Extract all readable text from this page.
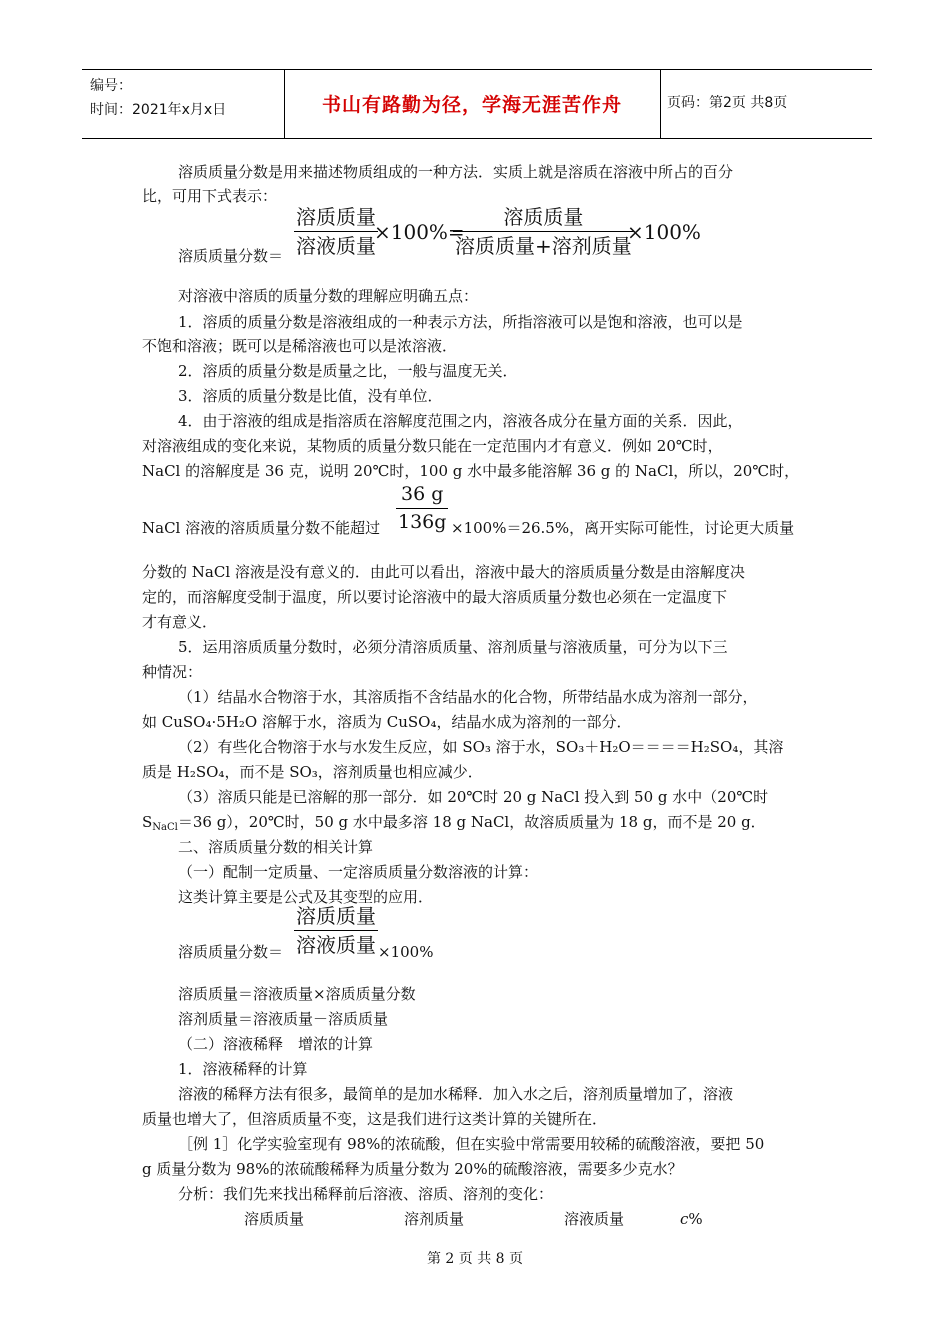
编号：
时间：2021年x月x日	书山有路勤为径，学海无涯苦作舟	页码：第2页 共8页
溶质质量分数是用来描述物质组成的一种方法．实质上就是溶质在溶液中所占的百分
比，可用下式表示：
溶质质量分数＝
溶质质量
溶液质量
×100%=
溶质质量
溶质质量+溶剂质量
×100%
对溶液中溶质的质量分数的理解应明确五点：
1．溶质的质量分数是溶液组成的一种表示方法，所指溶液可以是饱和溶液，也可以是
不饱和溶液；既可以是稀溶液也可以是浓溶液．
2．溶质的质量分数是质量之比，一般与温度无关．
3．溶质的质量分数是比值，没有单位．
4．由于溶液的组成是指溶质在溶解度范围之内，溶液各成分在量方面的关系．因此，
对溶液组成的变化来说，某物质的质量分数只能在一定范围内才有意义．例如 20℃时，
NaCl 的溶解度是 36 克，说明 20℃时，100 g 水中最多能溶解 36 g 的 NaCl，所以，20℃时，
$\frac{36 g}{136g}$
NaCl 溶液的溶质质量分数不能超过	×100%＝26.5%，离开实际可能性，讨论更大质量
分数的 NaCl 溶液是没有意义的．由此可以看出，溶液中最大的溶质质量分数是由溶解度决
定的，而溶解度受制于温度，所以要讨论溶液中的最大溶质质量分数也必须在一定温度下
才有意义．
5．运用溶质质量分数时，必须分清溶质质量、溶剂质量与溶液质量，可分为以下三
种情况：
（1）结晶水合物溶于水，其溶质指不含结晶水的化合物，所带结晶水成为溶剂一部分，
如 CuSO₄·5H₂O 溶解于水，溶质为 CuSO₄，结晶水成为溶剂的一部分．
（2）有些化合物溶于水与水发生反应，如 SO₃ 溶于水，SO₃＋H₂O＝＝＝＝H₂SO₄，其溶
质是 H₂SO₄，而不是 SO₃，溶剂质量也相应减少．
（3）溶质只能是已溶解的那一部分．如 20℃时 20 g NaCl 投入到 50 g 水中（20℃时
$S_{NaCl}=36$ g），20℃时，50 g 水中最多溶 18 g NaCl，故溶质质量为 18 g，而不是 20 g．
二、溶质质量分数的相关计算
（一）配制一定质量、一定溶质质量分数溶液的计算：
这类计算主要是公式及其变型的应用．
溶质质量分数＝
溶质质量
溶液质量 ×100%
溶质质量＝溶液质量×溶质质量分数
溶剂质量＝溶液质量－溶质质量
（二）溶液稀释　增浓的计算
1．溶液稀释的计算
溶液的稀释方法有很多，最简单的是加水稀释．加入水之后，溶剂质量增加了，溶液
质量也增大了，但溶质质量不变，这是我们进行这类计算的关键所在．
［例 1］化学实验室现有 98%的浓硫酸，但在实验中常需要用较稀的硫酸溶液，要把 50
g 质量分数为 98%的浓硫酸稀释为质量分数为 20%的硫酸溶液，需要多少克水？
分析：我们先来找出稀释前后溶液、溶质、溶剂的变化：
溶质质量	溶剂质量	溶液质量	c%
第 2 页 共 8 页
